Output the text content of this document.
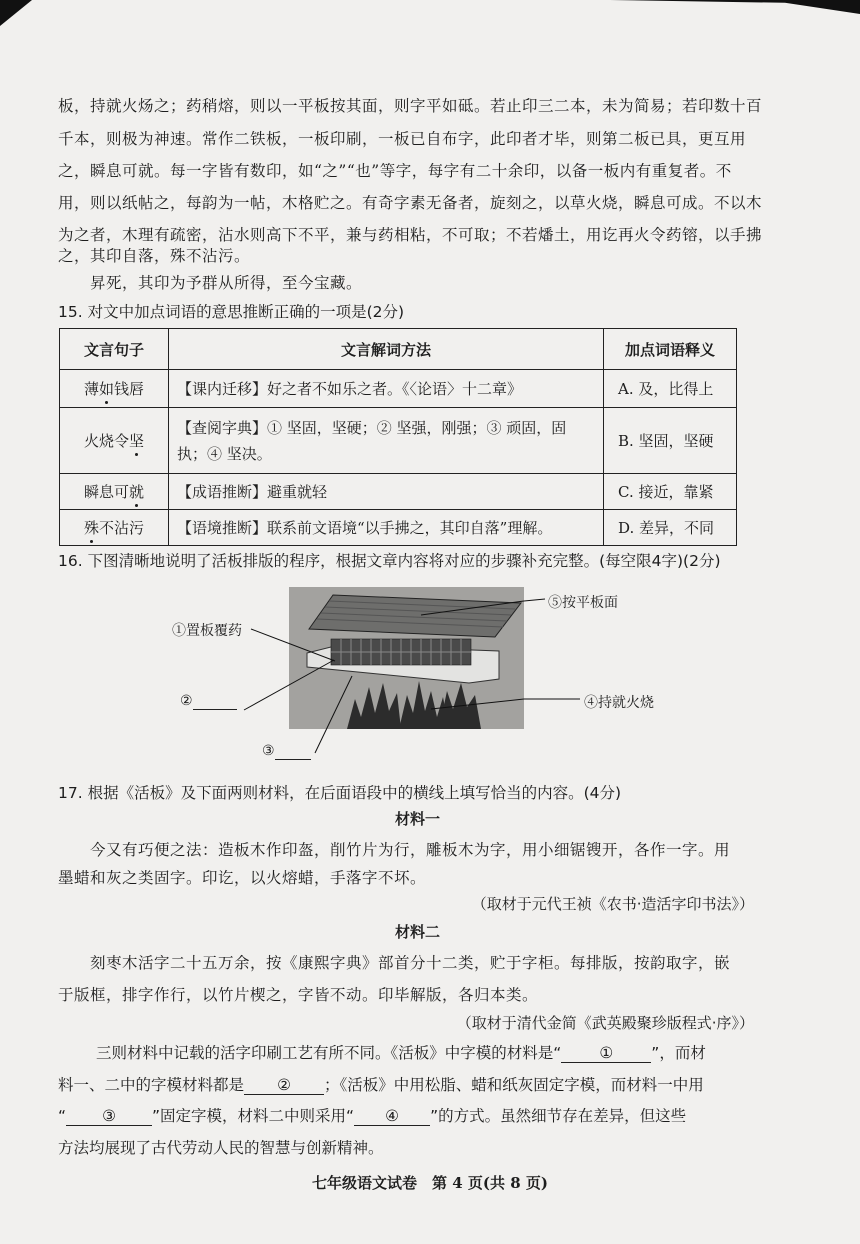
板，持就火炀之；药稍熔，则以一平板按其面，则字平如砥。若止印三二本，未为简易；若印数十百
千本，则极为神速。常作二铁板，一板印刷，一板已自布字，此印者才毕，则第二板已具，更互用
之，瞬息可就。每一字皆有数印，如“之”“也”等字，每字有二十余印，以备一板内有重复者。不
用，则以纸帖之，每韵为一帖，木格贮之。有奇字素无备者，旋刻之，以草火烧，瞬息可成。不以木
为之者，木理有疏密，沾水则高下不平，兼与药相粘，不可取；不若燔土，用讫再火令药镕，以手拂
之，其印自落，殊不沾污。
昇死，其印为予群从所得，至今宝藏。
15. 对文中加点词语的意思推断正确的一项是(2分)
文言句子	文言解词方法	加点词语释义
薄如钱唇	【课内迁移】好之者不如乐之者。《〈论语〉十二章》	A. 及，比得上
火烧令坚	【查阅字典】① 坚固，坚硬；② 坚强，刚强；③ 顽固，固执；④ 坚决。	B. 坚固，坚硬
瞬息可就	【成语推断】避重就轻	C. 接近，靠紧
殊不沾污	【语境推断】联系前文语境“以手拂之，其印自落”理解。	D. 差异，不同
16. 下图清晰地说明了活板排版的程序，根据文章内容将对应的步骤补充完整。(每空限4字)(2分)
①置板覆药
②
③
④持就火烧
⑤按平板面
17. 根据《活板》及下面两则材料，在后面语段中的横线上填写恰当的内容。(4分)
材料一
今又有巧便之法：造板木作印盔，削竹片为行，雕板木为字，用小细锯锼开，各作一字。用
墨蜡和灰之类固字。印讫，以火熔蜡，手落字不坏。
（取材于元代王祯《农书·造活字印书法》）
材料二
刻枣木活字二十五万余，按《康熙字典》部首分十二类，贮于字柜。每排版，按韵取字，嵌
于版框，排字作行，以竹片楔之，字皆不动。印毕解版，各归本类。
（取材于清代金简《武英殿聚珍版程式·序》）
三则材料中记载的活字印刷工艺有所不同。《活板》中字模的材料是“ ① ”，而材
料一、二中的字模材料都是 ② ；《活板》中用松脂、蜡和纸灰固定字模，而材料一中用
“ ③ ”固定字模，材料二中则采用“ ④ ”的方式。虽然细节存在差异，但这些
方法均展现了古代劳动人民的智慧与创新精神。
七年级语文试卷　第 4 页(共 8 页)
